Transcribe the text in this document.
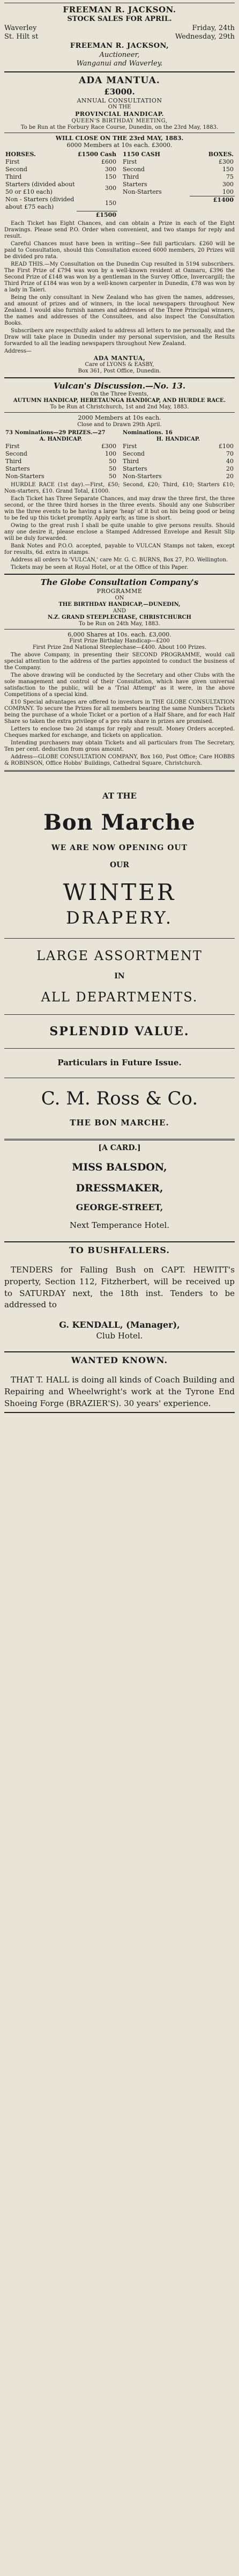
FREEMAN R. JACKSON.
STOCK SALES FOR APRIL.
Waverley	Friday, 24th
St. Hilt st	Wednesday, 29th
FREEMAN R. JACKSON,
Auctioneer,
Wanganui and Waverley.
ADA MANTUA.
£3000.
ANNUAL CONSULTATION
ON THE
PROVINCIAL HANDICAP.
QUEEN'S BIRTHDAY MEETING,
To be Run at the Forbury Race Course, Dunedin, on the 23rd May, 1883.
WILL CLOSE ON THE 23rd MAY, 1883.
6000 Members at 10s each. £3000.
HORSES.	£1500 Cash
First	£600
Second	300
Third	150
Starters (divided about 50 or £10 each)	300
Non - Starters (divided about £75 each)	150
	£1500
1150 CASH	BOXES.
First	£300
Second	150
Third	75
Starters	300
Non-Starters	100
	£1400
Each Ticket has Eight Chances, and can obtain a Prize in each of the Eight Drawings. Please send P.O. Order when convenient, and two stamps for reply and result.
Careful Chances must have been in writing—See full particulars. £260 will be paid to Consultation, should this Consultation exceed 6000 members, 20 Prizes will be divided pro rata.
READ THIS.—My Consultation on the Dunedin Cup resulted in 5194 subscribers. The First Prize of £794 was won by a well-known resident at Oamaru, £396 the Second Prize of £148 was won by a gentleman in the Survey Office, Invercargill; the Third Prize of £184 was won by a well-known carpenter in Dunedin, £78 was won by a lady in Taieri.
Being the only consultant in New Zealand who has given the names, addresses, and amount of prizes and of winners, in the local newspapers throughout New Zealand. I would also furnish names and addresses of the Three Principal winners, the names and addresses of the Consultees, and also inspect the Consultation Books.
Subscribers are respectfully asked to address all letters to me personally, and the Draw will take place in Dunedin under my personal supervision, and the Results forwarded to all the leading newspapers throughout New Zealand.
Address—
ADA MANTUA,
Care of LYONS & EASBY,
Box 361, Post Office, Dunedin.
Vulcan's Discussion.—No. 13.
On the Three Events,
AUTUMN HANDICAP, HERETAUNGA HANDICAP, AND HURDLE RACE.
To be Run at Christchurch, 1st and 2nd May, 1883.
2000 Members at 10s each.
Close and to Drawn 29th April.
73 Nominations—29 PRIZES.—27	
A. HANDICAP.	
First	£300
Second	100
Third	50
Starters	50
Non-Starters	50
Nominations. 16	
H. HANDICAP.	
First	£100
Second	70
Third	40
Starters	20
Non-Starters	20
HURDLE RACE (1st day).—First, £50; Second, £20; Third, £10; Starters £10; Non-starters, £10. Grand Total, £1000.
Each Ticket has Three Separate Chances, and may draw the three first, the three second, or the three third horses in the three events. Should any one Subscriber win the three events to be having a large 'heap' of it but on his being good or being to be fed up this ticket promptly. Apply early, as time is short.
Owing to the great rush I shall be quite unable to give persons results. Should any one desire it, please enclose a Stamped Addressed Envelope and Result Slip will be duly forwarded.
Bank Notes and P.O.O. accepted, payable to VULCAN Stamps not taken, except for results, 6d. extra in stamps.
Address all orders to 'VULCAN,' care Mr. G. C. BURNS, Box 27, P.O. Wellington.
Tickets may be seen at Royal Hotel, or at the Office of this Paper.
The Globe Consultation Company's
PROGRAMME
ON
THE BIRTHDAY HANDICAP,—DUNEDIN,
AND
N.Z. GRAND STEEPLECHASE, CHRISTCHURCH
To be Run on 24th May, 1883.
6,000 Shares at 10s. each. £3,000.
First Prize Birthday Handicap—£200
First Prize 2nd National Steeplechase—£400. About 100 Prizes.
The above Company, in presenting their SECOND PROGRAMME, would call special attention to the address of the parties appointed to conduct the business of the Company.
The above drawing will be conducted by the Secretary and other Clubs with the sole management and control of their Consultation, which have given universal satisfaction to the public, will be a 'Trial Attempt' as it were, in the above Competitions of a special kind.
£10 Special advantages are offered to investors in THE GLOBE CONSULTATION COMPANY. To secure the Prizes for all members bearing the same Numbers Tickets being the purchase of a whole Ticket or a portion of a Half Share, and for each Half Share so taken the extra privilege of a pro rata share in prizes are promised.
Letters to enclose two 2d stamps for reply and result. Money Orders accepted. Cheques marked for exchange, and tickets on application.
Intending purchasers may obtain Tickets and all particulars from The Secretary, Ten per cent. deduction from gross amount.
Address—GLOBE CONSULTATION COMPANY, Box 160, Post Office; Care HOBBS & ROBINSON, Office Hobbs' Buildings, Cathedral Square, Christchurch.
AT THE
Bon Marche
WE ARE NOW OPENING OUT
OUR
WINTER
DRAPERY.
LARGE ASSORTMENT
IN
ALL DEPARTMENTS.
SPLENDID VALUE.
Particulars in Future Issue.
C. M. Ross & Co.
THE BON MARCHE.
[A CARD.]
MISS BALSDON,
DRESSMAKER,
GEORGE-STREET,
Next Temperance Hotel.
TO BUSHFALLERS.
TENDERS for Falling Bush on CAPT. HEWITT's property, Section 112, Fitzherbert, will be received up to SATURDAY next, the 18th inst. Tenders to be addressed to
G. KENDALL, (Manager),
Club Hotel.
WANTED KNOWN.
THAT T. HALL is doing all kinds of Coach Building and Repairing and Wheelwright's work at the Tyrone End Shoeing Forge (BRAZIER'S). 30 years' experience.
